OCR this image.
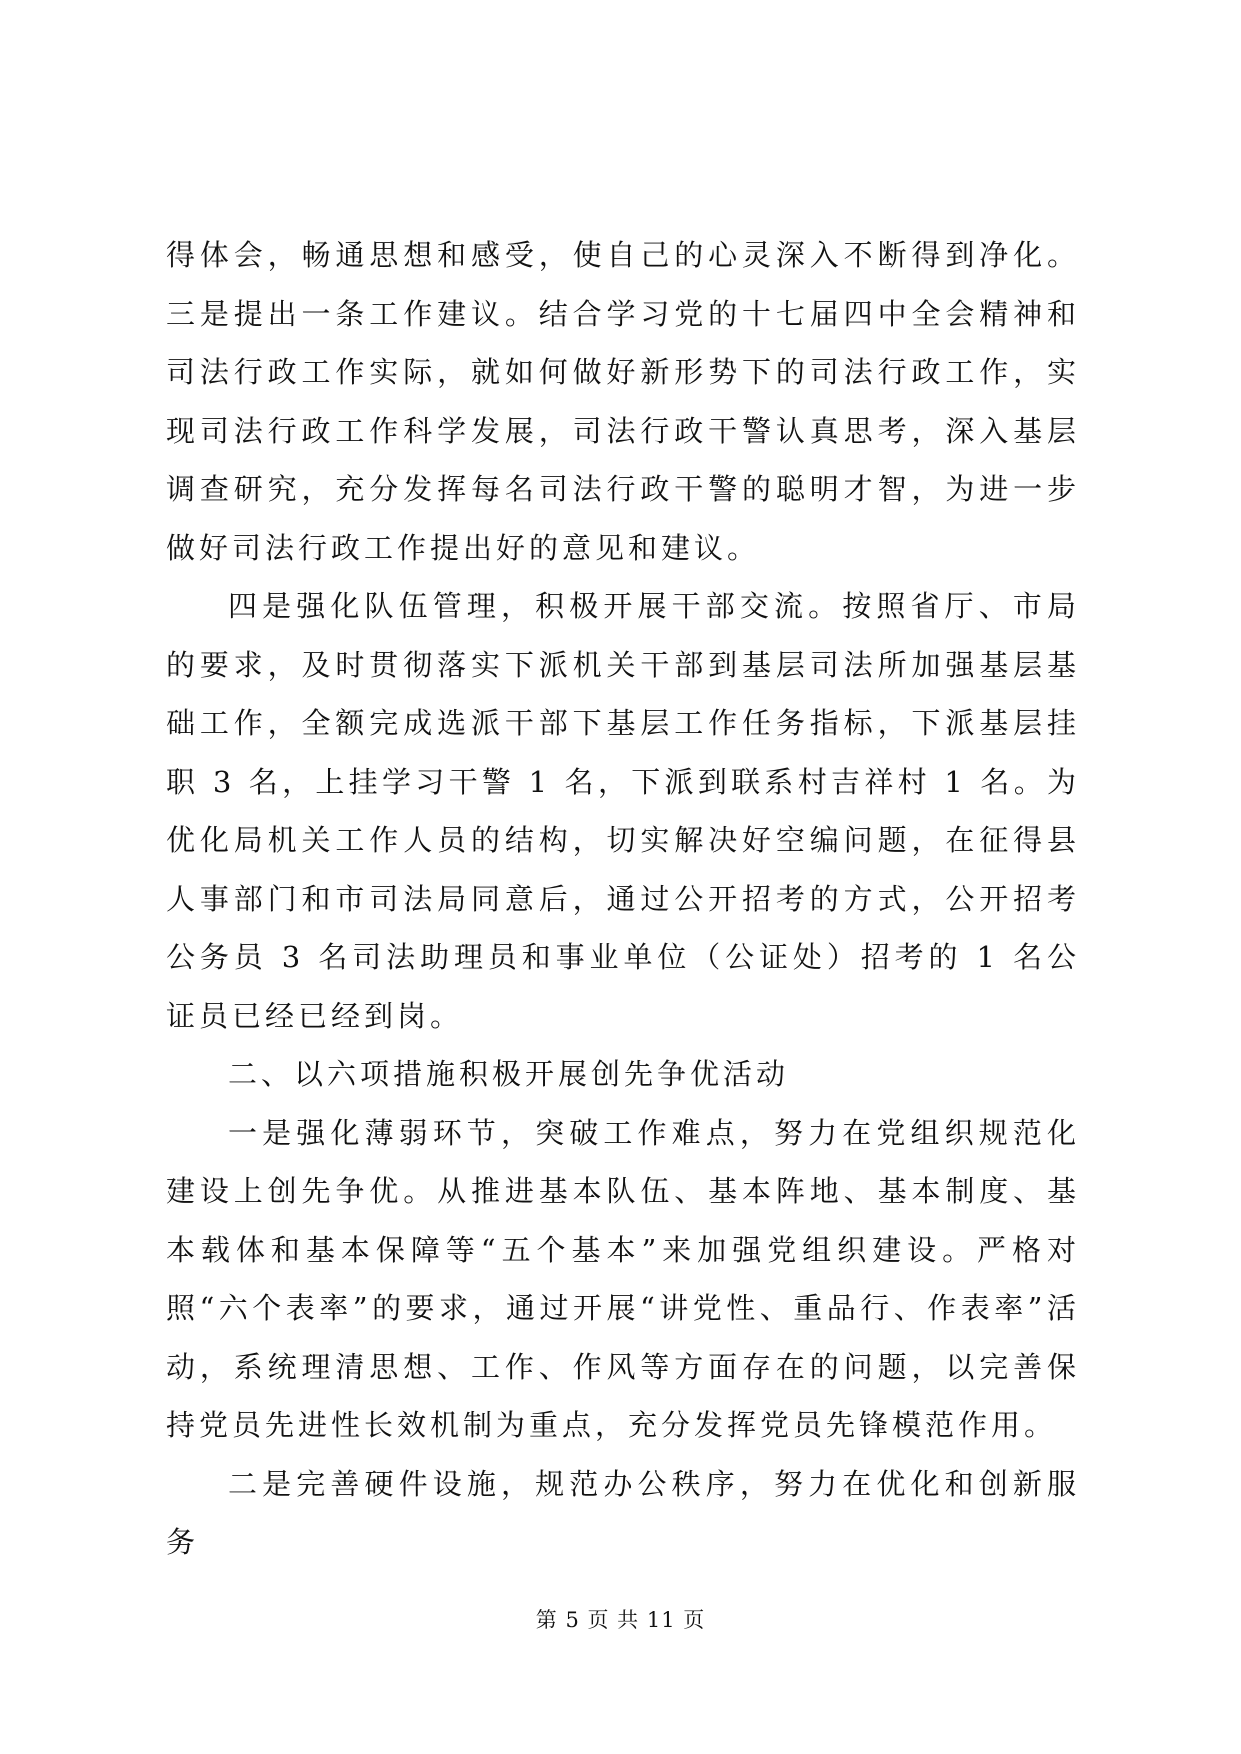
得体会，畅通思想和感受，使自己的心灵深入不断得到净化。三是提出一条工作建议。结合学习党的十七届四中全会精神和司法行政工作实际，就如何做好新形势下的司法行政工作，实现司法行政工作科学发展，司法行政干警认真思考，深入基层调查研究，充分发挥每名司法行政干警的聪明才智，为进一步做好司法行政工作提出好的意见和建议。

四是强化队伍管理，积极开展干部交流。按照省厅、市局的要求，及时贯彻落实下派机关干部到基层司法所加强基层基础工作，全额完成选派干部下基层工作任务指标，下派基层挂职 3 名，上挂学习干警 1 名，下派到联系村吉祥村 1 名。为优化局机关工作人员的结构，切实解决好空编问题，在征得县人事部门和市司法局同意后，通过公开招考的方式，公开招考公务员 3 名司法助理员和事业单位（公证处）招考的 1 名公证员已经已经到岗。

二、以六项措施积极开展创先争优活动

一是强化薄弱环节，突破工作难点，努力在党组织规范化建设上创先争优。从推进基本队伍、基本阵地、基本制度、基本载体和基本保障等“五个基本”来加强党组织建设。严格对照“六个表率”的要求，通过开展“讲党性、重品行、作表率”活动，系统理清思想、工作、作风等方面存在的问题，以完善保持党员先进性长效机制为重点，充分发挥党员先锋模范作用。

二是完善硬件设施，规范办公秩序，努力在优化和创新服务

第 5 页 共 11 页
